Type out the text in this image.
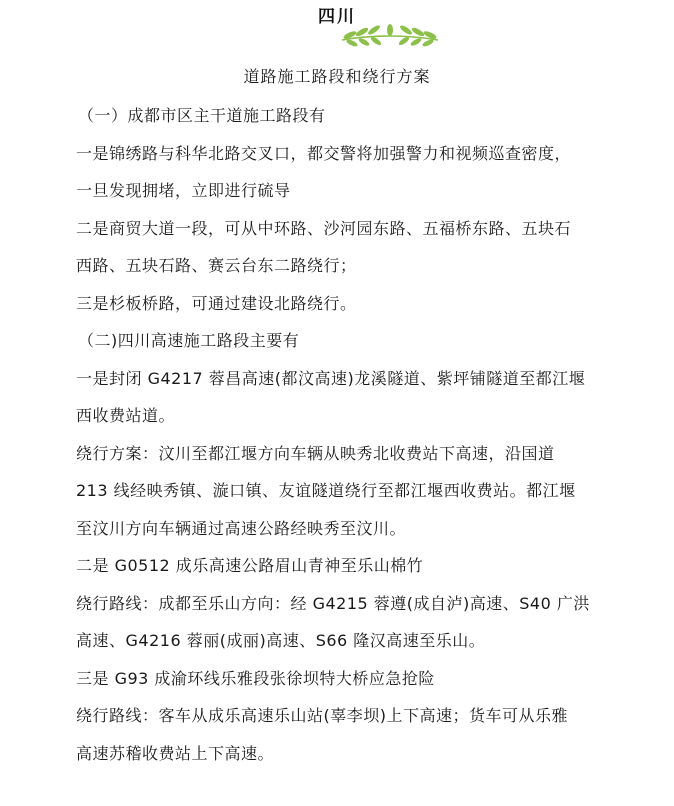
四川
道路施工路段和绕行方案
（一）成都市区主干道施工路段有
一是锦绣路与科华北路交叉口，都交警将加强警力和视频巡查密度，
一旦发现拥堵，立即进行硫导
二是商贸大道一段，可从中环路、沙河园东路、五福桥东路、五块石
西路、五块石路、赛云台东二路绕行；
三是杉板桥路，可通过建设北路绕行。
（二)四川高速施工路段主要有
一是封闭 G4217 蓉昌高速(都汶高速)龙溪隧道、紫坪铺隧道至都江堰
西收费站道。
绕行方案：汶川至都江堰方向车辆从映秀北收费站下高速，沿国道
213 线经映秀镇、漩口镇、友谊隧道绕行至都江堰西收费站。都江堰
至汶川方向车辆通过高速公路经映秀至汶川。
二是 G0512 成乐高速公路眉山青神至乐山棉竹
绕行路线：成都至乐山方向：经 G4215 蓉遵(成自泸)高速、S40 广洪
高速、G4216 蓉丽(成丽)高速、S66 隆汉高速至乐山。
三是 G93 成渝环线乐雅段张徐坝特大桥应急抢险
绕行路线：客车从成乐高速乐山站(辜李坝)上下高速；货车可从乐雅
高速苏稽收费站上下高速。
